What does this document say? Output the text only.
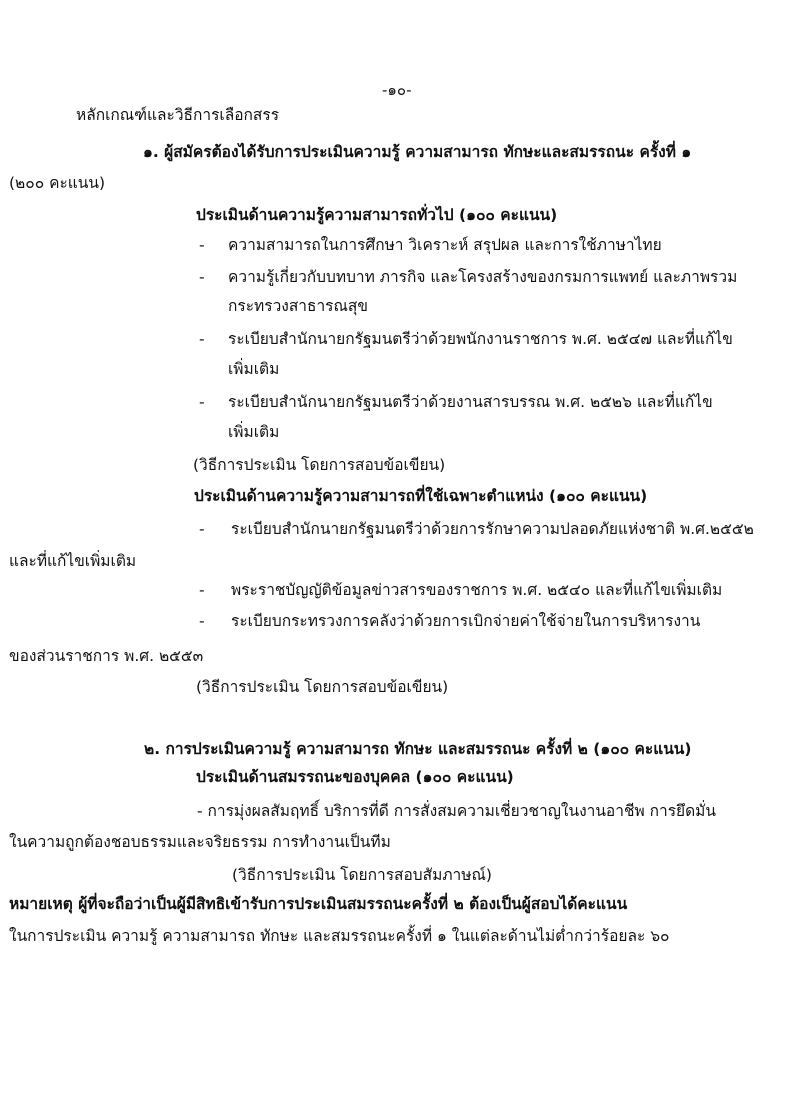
-๑๐-
หลักเกณฑ์และวิธีการเลือกสรร
๑. ผู้สมัครต้องได้รับการประเมินความรู้ ความสามารถ ทักษะและสมรรถนะ ครั้งที่ ๑
(๒๐๐ คะแนน)
ประเมินด้านความรู้ความสามารถทั่วไป (๑๐๐ คะแนน)
- ความสามารถในการศึกษา วิเคราะห์ สรุปผล และการใช้ภาษาไทย
- ความรู้เกี่ยวกับบทบาท ภารกิจ และโครงสร้างของกรมการแพทย์ และภาพรวม
กระทรวงสาธารณสุข
- ระเบียบสำนักนายกรัฐมนตรีว่าด้วยพนักงานราชการ พ.ศ. ๒๕๔๗ และที่แก้ไข
เพิ่มเติม
- ระเบียบสำนักนายกรัฐมนตรีว่าด้วยงานสารบรรณ พ.ศ. ๒๕๒๖ และที่แก้ไข
เพิ่มเติม
(วิธีการประเมิน โดยการสอบข้อเขียน)
ประเมินด้านความรู้ความสามารถที่ใช้เฉพาะตำแหน่ง (๑๐๐ คะแนน)
- ระเบียบสำนักนายกรัฐมนตรีว่าด้วยการรักษาความปลอดภัยแห่งชาติ พ.ศ.๒๕๕๒
และที่แก้ไขเพิ่มเติม
- พระราชบัญญัติข้อมูลข่าวสารของราชการ พ.ศ. ๒๕๔๐ และที่แก้ไขเพิ่มเติม
- ระเบียบกระทรวงการคลังว่าด้วยการเบิกจ่ายค่าใช้จ่ายในการบริหารงาน
ของส่วนราชการ พ.ศ. ๒๕๕๓
(วิธีการประเมิน โดยการสอบข้อเขียน)
๒. การประเมินความรู้ ความสามารถ ทักษะ และสมรรถนะ ครั้งที่ ๒ (๑๐๐ คะแนน)
ประเมินด้านสมรรถนะของบุคคล (๑๐๐ คะแนน)
- การมุ่งผลสัมฤทธิ์ บริการที่ดี การสั่งสมความเชี่ยวชาญในงานอาชีพ การยึดมั่น
ในความถูกต้องชอบธรรมและจริยธรรม การทำงานเป็นทีม
(วิธีการประเมิน โดยการสอบสัมภาษณ์)
หมายเหตุ ผู้ที่จะถือว่าเป็นผู้มีสิทธิเข้ารับการประเมินสมรรถนะครั้งที่ ๒ ต้องเป็นผู้สอบได้คะแนน
ในการประเมิน ความรู้ ความสามารถ ทักษะ และสมรรถนะครั้งที่ ๑ ในแต่ละด้านไม่ต่ำกว่าร้อยละ ๖๐
